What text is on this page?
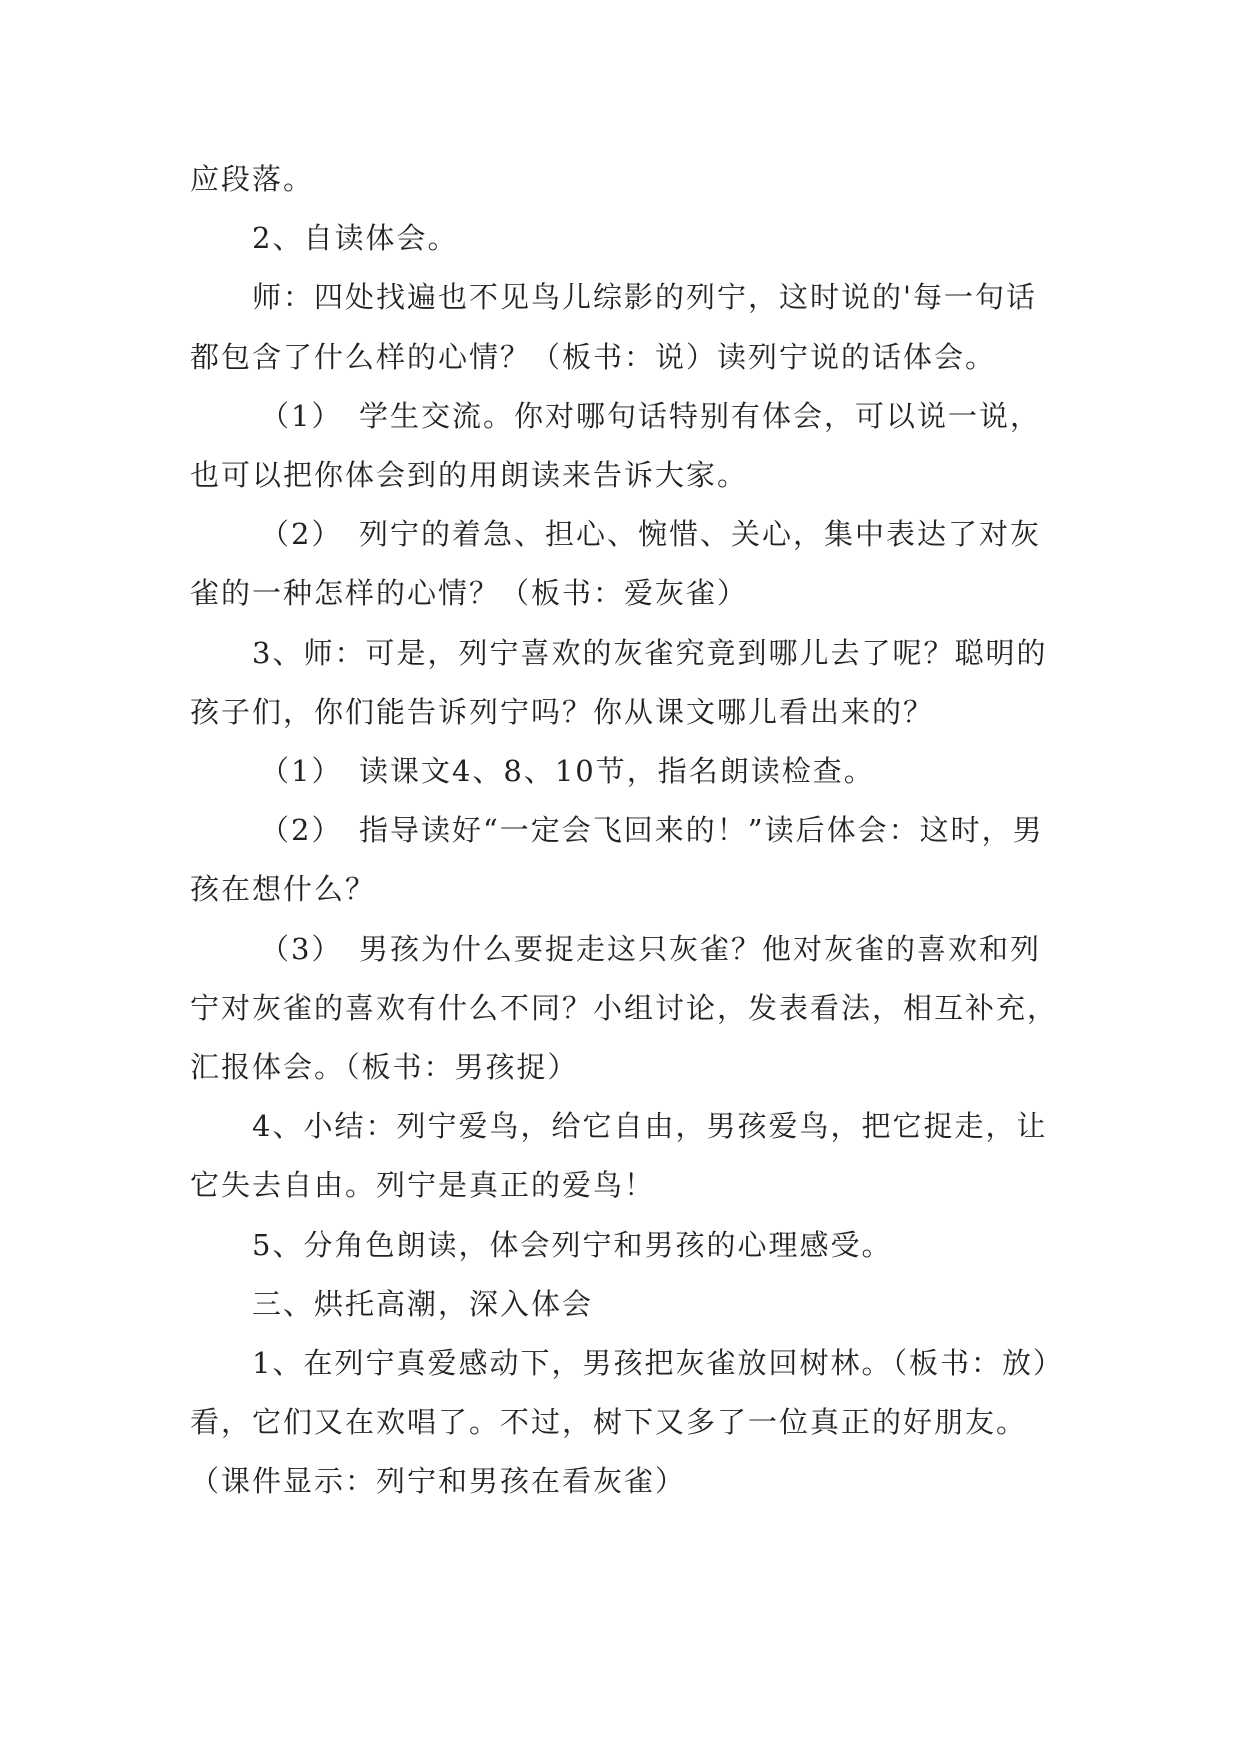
应段落。

2、自读体会。

师：四处找遍也不见鸟儿综影的列宁，这时说的'每一句话都包含了什么样的心情？（板书：说）读列宁说的话体会。

（1）　学生交流。你对哪句话特别有体会，可以说一说，也可以把你体会到的用朗读来告诉大家。

（2）　列宁的着急、担心、惋惜、关心，集中表达了对灰雀的一种怎样的心情？（板书：爱灰雀）

3、师：可是，列宁喜欢的灰雀究竟到哪儿去了呢？聪明的孩子们，你们能告诉列宁吗？你从课文哪儿看出来的？

（1）　读课文4、8、10节，指名朗读检查。

（2）　指导读好“一定会飞回来的！”读后体会：这时，男孩在想什么？

（3）　男孩为什么要捉走这只灰雀？他对灰雀的喜欢和列宁对灰雀的喜欢有什么不同？小组讨论，发表看法，相互补充，汇报体会。（板书：男孩捉）

4、小结：列宁爱鸟，给它自由，男孩爱鸟，把它捉走，让它失去自由。列宁是真正的爱鸟！

5、分角色朗读，体会列宁和男孩的心理感受。

三、烘托高潮，深入体会

1、在列宁真爱感动下，男孩把灰雀放回树林。（板书：放）看，它们又在欢唱了。不过，树下又多了一位真正的好朋友。（课件显示：列宁和男孩在看灰雀）
